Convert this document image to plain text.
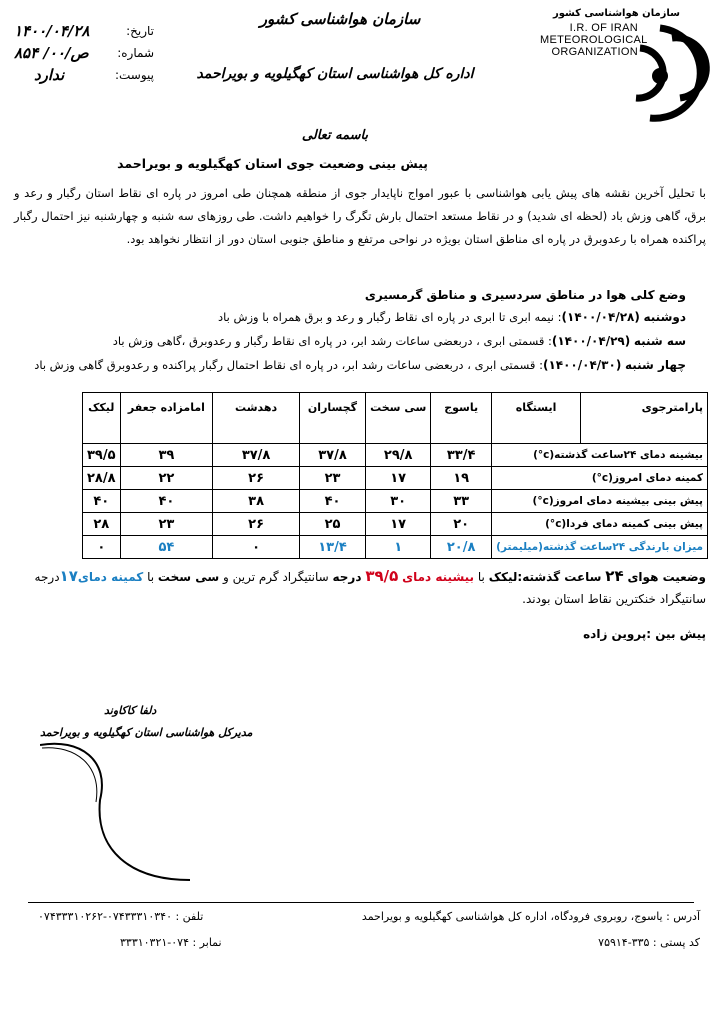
سازمان هواشناسی کشور
I.R. OF IRAN
METEOROLOGICAL
ORGANIZATION
سازمان هواشناسی کشور
اداره کل هواشناسی استان کهگیلویه و بویراحمد
باسمه تعالی
تاریخ:
۱۴۰۰/۰۴/۲۸
شماره:
۸۵۴ /۰۰/ص
پیوست:
ندارد
پیش بینی وضعیت جوی استان کهگیلویه و بویراحمد
با تحلیل آخرین نقشه های پیش یابی هواشناسی با عبور امواج ناپایدار جوی از منطقه همچنان طی امروز در پاره ای نقاط استان رگبار و رعد و برق، گاهی وزش باد (لحظه ای شدید) و در نقاط مستعد احتمال بارش تگرگ را خواهیم داشت. طی روزهای سه شنبه و چهارشنبه نیز احتمال رگبار پراکنده همراه با رعدوبرق در پاره ای مناطق استان بویژه در نواحی مرتفع و مناطق جنوبی استان دور از انتظار نخواهد بود.
وضع کلی هوا در مناطق سردسیری و مناطق گرمسیری
دوشنبه (۱۴۰۰/۰۴/۲۸): نیمه ابری تا ابری در پاره ای نقاط رگبار و رعد و برق همراه با وزش باد
سه شنبه (۱۴۰۰/۰۴/۲۹): قسمتی ابری ، دربعضی ساعات رشد ابر، در پاره ای نقاط رگبار و رعدوبرق ،گاهی وزش باد
چهار شنبه (۱۴۰۰/۰۴/۳۰): قسمتی ابری ، دربعضی ساعات رشد ابر، در پاره ای نقاط احتمال رگبار پراکنده و رعدوبرق گاهی وزش باد
پارامترجوی	ایستگاه	یاسوج	سی سخت	گچساران	دهدشت	امامزاده جعفر	لیکک
بیشینه دمای ۲۴ساعت گذشته(c°)		۳۳/۴	۲۹/۸	۳۷/۸	۳۷/۸	۳۹	۳۹/۵
کمینه دمای امروز(c°)		۱۹	۱۷	۲۳	۲۶	۲۲	۲۸/۸
پیش بینی بیشینه دمای امروز(c°)		۳۳	۳۰	۴۰	۳۸	۴۰	۴۰
پیش بینی کمینه دمای فردا(c°)		۲۰	۱۷	۲۵	۲۶	۲۳	۲۸
میزان بارندگی ۲۴ساعت گذشته(میلیمتر)		۲۰/۸	۱	۱۳/۴	۰	۵۴	۰
وضعیت هوای ۲۴ ساعت گذشته:لیکک با بیشینه دمای ۳۹/۵ درجه سانتیگراد گرم ترین و سی سخت با کمینه دمای۱۷درجه سانتیگراد خنکترین نقاط استان بودند.
پیش بین :پروین زاده
دلفا کاکاوند
مدیرکل هواشناسی استان کهگیلویه و بویراحمد
آدرس : یاسوج، روبروی فرودگاه، اداره کل هواشناسی کهگیلویه و بویراحمد
تلفن : ۰۷۴۳۳۳۱۰۳۴۰-۰۷۴۳۳۳۱۰۲۶۲
کد پستی : ۳۳۵-۷۵۹۱۴
نمابر : ۰۷۴-۳۳۳۱۰۳۲۱
